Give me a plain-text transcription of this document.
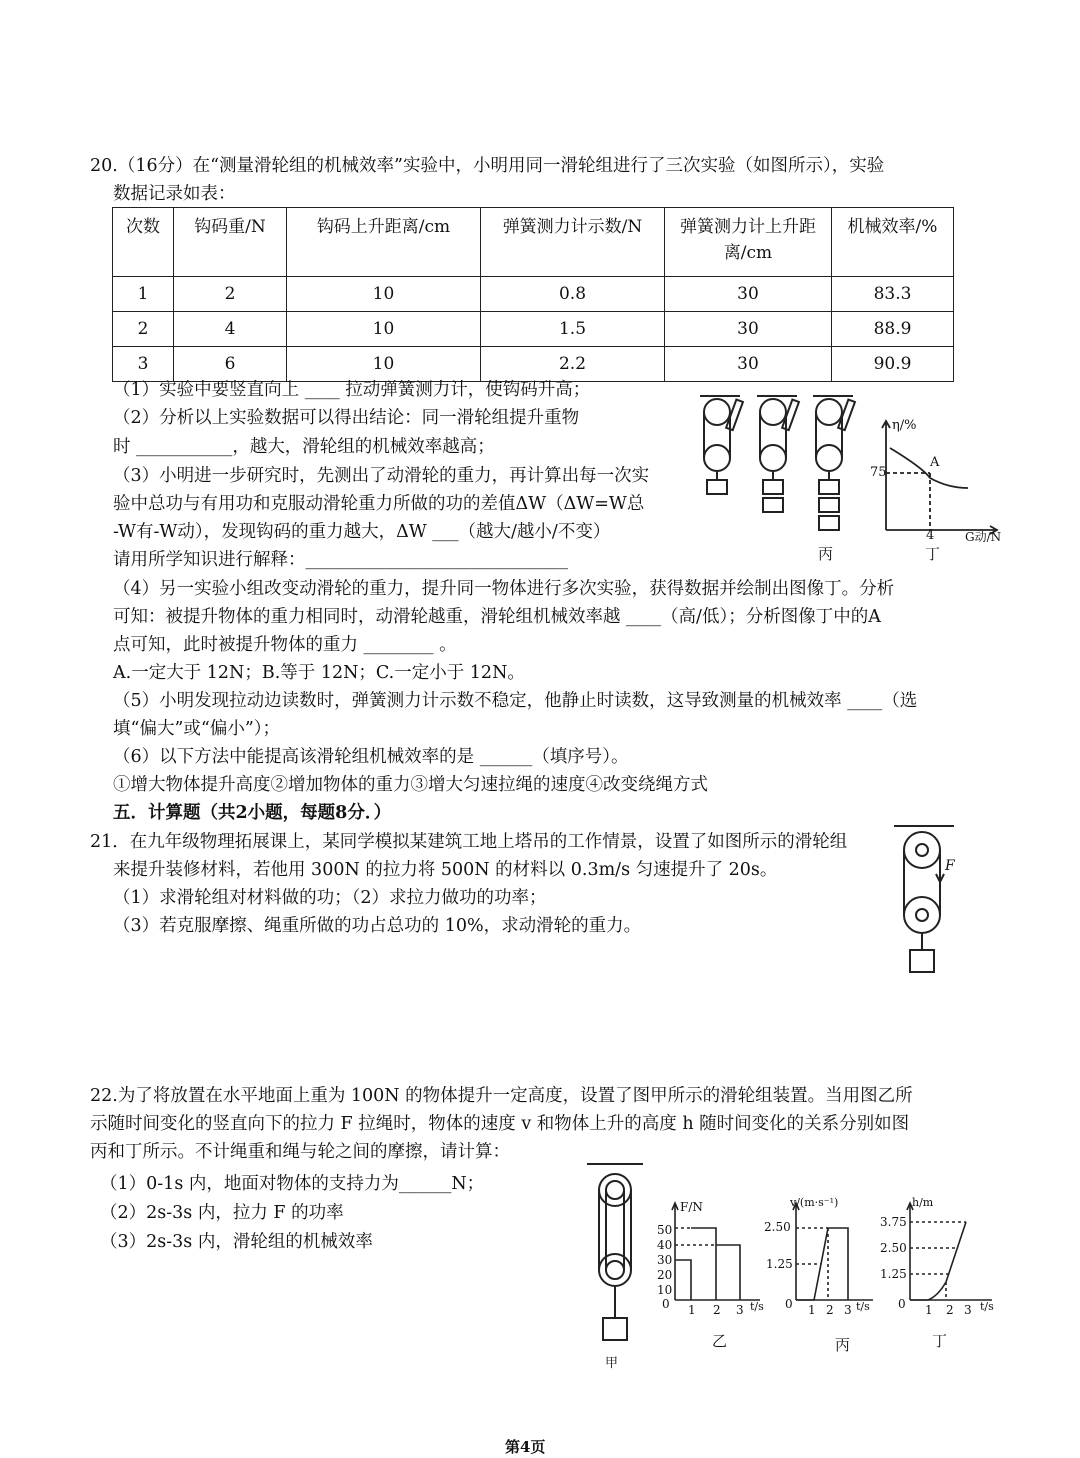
20.（16分）在“测量滑轮组的机械效率”实验中，小明用同一滑轮组进行了三次实验（如图所示），实验
数据记录如表：
次数	钩码重/N	钩码上升距离/cm	弹簧测力计示数/N	弹簧测力计上升距离/cm	机械效率/%
1	2	10	0.8	30	83.3
2	4	10	1.5	30	88.9
3	6	10	2.2	30	90.9
（1）实验中要竖直向上 ____ 拉动弹簧测力计，使钩码升高；
（2）分析以上实验数据可以得出结论：同一滑轮组提升重物
时 ___________，越大，滑轮组的机械效率越高；
（3）小明进一步研究时，先测出了动滑轮的重力，再计算出每一次实
验中总功与有用功和克服动滑轮重力所做的功的差值ΔW（ΔW=W总
-W有-W动），发现钩码的重力越大，ΔW ___（越大/越小/不变）
请用所学知识进行解释：______________________________	丙
η/%
75
A
4	G动/N
丁
（4）另一实验小组改变动滑轮的重力，提升同一物体进行多次实验，获得数据并绘制出图像丁。分析
可知：被提升物体的重力相同时，动滑轮越重，滑轮组机械效率越 ____（高/低）；分析图像丁中的A
点可知，此时被提升物体的重力 ________ 。
A.一定大于 12N；B.等于 12N；C.一定小于 12N。
（5）小明发现拉动边读数时，弹簧测力计示数不稳定，他静止时读数，这导致测量的机械效率 ____（选
填“偏大”或“偏小”）；
（6）以下方法中能提高该滑轮组机械效率的是 ______（填序号）。
①增大物体提升高度②增加物体的重力③增大匀速拉绳的速度④改变绕绳方式
五．计算题（共2小题，每题8分．）
21．在九年级物理拓展课上，某同学模拟某建筑工地上塔吊的工作情景，设置了如图所示的滑轮组
来提升装修材料，若他用 300N 的拉力将 500N 的材料以 0.3m/s 匀速提升了 20s。
（1）求滑轮组对材料做的功；（2）求拉力做功的功率；
（3）若克服摩擦、绳重所做的功占总功的 10%，求动滑轮的重力。
F
22.为了将放置在水平地面上重为 100N 的物体提升一定高度，设置了图甲所示的滑轮组装置。当用图乙所
示随时间变化的竖直向下的拉力 F 拉绳时，物体的速度 v 和物体上升的高度 h 随时间变化的关系分别如图
丙和丁所示。不计绳重和绳与轮之间的摩擦，请计算：
（1）0-1s 内，地面对物体的支持力为______N；
（2）2s-3s 内，拉力 F 的功率
（3）2s-3s 内，滑轮组的机械效率
甲
F/N
50
40
30
20
10
0 1 2 3 t/s
乙
v/(m·s⁻¹)
2.50
1.25
0 1 2 3 t/s
丙
h/m
3.75
2.50
1.25
0 1 2 3 t/s
丁
第4页
